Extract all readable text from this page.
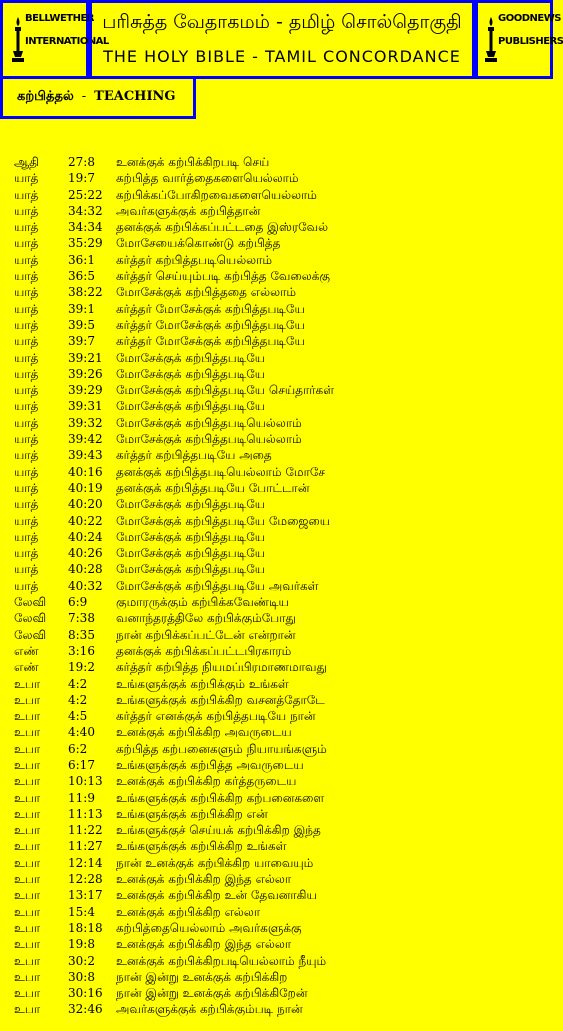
BELLWETHER
INTERNATIONAL
பரிசுத்த வேதாகமம் - தமிழ் சொல்தொகுதி
THE HOLY BIBLE - TAMIL CONCORDANCE
GOODNEWS
PUBLISHERS
கற்பித்தல் - TEACHING
ஆதி 27:8 உனக்குக் கற்பிக்கிறபடி செய்
யாத் 19:7 கற்பித்த வார்த்தைகளையெல்லாம்
யாத் 25:22 கற்பிக்கப்போகிறவைகளையெல்லாம்
யாத் 34:32 அவர்களுக்குக் கற்பித்தான்
யாத் 34:34 தனக்குக் கற்பிக்கப்பட்டதை இஸ்ரவேல்
யாத் 35:29 மோசேயைக்கொண்டு கற்பித்த
யாத் 36:1 கர்த்தர் கற்பித்தபடியெல்லாம்
யாத் 36:5 கர்த்தர் செய்யும்படி கற்பித்த வேலைக்கு
யாத் 38:22 மோசேக்குக் கற்பித்ததை எல்லாம்
யாத் 39:1 கர்த்தர் மோசேக்குக் கற்பித்தபடியே
யாத் 39:5 கர்த்தர் மோசேக்குக் கற்பித்தபடியே
யாத் 39:7 கர்த்தர் மோசேக்குக் கற்பித்தபடியே
யாத் 39:21 மோசேக்குக் கற்பித்தபடியே
யாத் 39:26 மோசேக்குக் கற்பித்தபடியே
யாத் 39:29 மோசேக்குக் கற்பித்தபடியே செய்தார்கள்
யாத் 39:31 மோசேக்குக் கற்பித்தபடியே
யாத் 39:32 மோசேக்குக் கற்பித்தபடியெல்லாம்
யாத் 39:42 மோசேக்குக் கற்பித்தபடியெல்லாம்
யாத் 39:43 கர்த்தர் கற்பித்தபடியே அதை
யாத் 40:16 தனக்குக் கற்பித்தபடியெல்லாம் மோசே
யாத் 40:19 தனக்குக் கற்பித்தபடியே போட்டான்
யாத் 40:20 மோசேக்குக் கற்பித்தபடியே
யாத் 40:22 மோசேக்குக் கற்பித்தபடியே மேஜையை
யாத் 40:24 மோசேக்குக் கற்பித்தபடியே
யாத் 40:26 மோசேக்குக் கற்பித்தபடியே
யாத் 40:28 மோசேக்குக் கற்பித்தபடியே
யாத் 40:32 மோசேக்குக் கற்பித்தபடியே அவர்கள்
லேவி 6:9 குமாரருக்கும் கற்பிக்கவேண்டிய
லேவி 7:38 வனாந்தரத்திலே கற்பிக்கும்போது
லேவி 8:35 நான் கற்பிக்கப்பட்டேன் என்றான்
எண் 3:16 தனக்குக் கற்பிக்கப்பட்டபிரகாரம்
எண் 19:2 கர்த்தர் கற்பித்த நியமப்பிரமாணமாவது
உபா 4:2 உங்களுக்குக் கற்பிக்கும் உங்கள்
உபா 4:2 உங்களுக்குக் கற்பிக்கிற வசனத்தோடே
உபா 4:5 கர்த்தர் எனக்குக் கற்பித்தபடியே நான்
உபா 4:40 உனக்குக் கற்பிக்கிற அவருடைய
உபா 6:2 கற்பித்த கற்பனைகளும் நியாயங்களும்
உபா 6:17 உங்களுக்குக் கற்பித்த அவருடைய
உபா 10:13 உனக்குக் கற்பிக்கிற கர்த்தருடைய
உபா 11:9 உங்களுக்குக் கற்பிக்கிற கற்பனைகளை
உபா 11:13 உங்களுக்குக் கற்பிக்கிற என்
உபா 11:22 உங்களுக்குச் செய்யக் கற்பிக்கிற இந்த
உபா 11:27 உங்களுக்குக் கற்பிக்கிற உங்கள்
உபா 12:14 நான் உனக்குக் கற்பிக்கிற யாவையும்
உபா 12:28 உனக்குக் கற்பிக்கிற இந்த எல்லா
உபா 13:17 உனக்குக் கற்பிக்கிற உன் தேவனாகிய
உபா 15:4 உனக்குக் கற்பிக்கிற எல்லா
உபா 18:18 கற்பித்தையெல்லாம் அவர்களுக்கு
உபா 19:8 உனக்குக் கற்பிக்கிற இந்த எல்லா
உபா 30:2 உனக்குக் கற்பிக்கிறபடியெல்லாம் நீயும்
உபா 30:8 நான் இன்று உனக்குக் கற்பிக்கிற
உபா 30:16 நான் இன்று உனக்குக் கற்பிக்கிறேன்
உபா 32:46 அவர்களுக்குக் கற்பிக்கும்படி நான்
